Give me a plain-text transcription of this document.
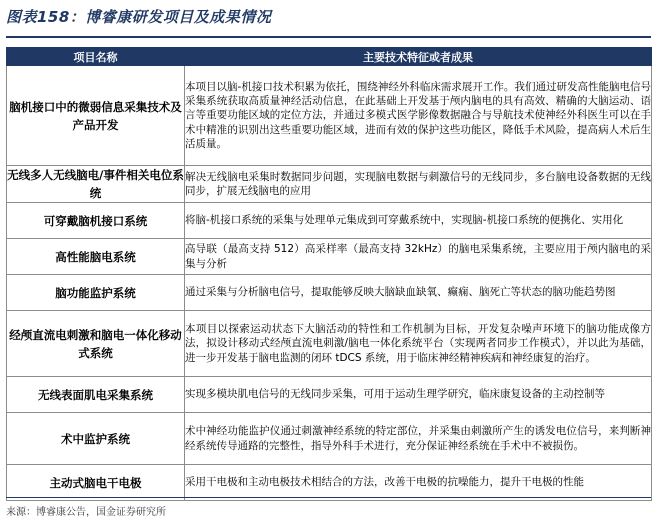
图表158：博睿康研发项目及成果情况
项目名称	主要技术特征或者成果
脑机接口中的微弱信息采集技术及产品开发	本项目以脑-机接口技术积累为依托，围绕神经外科临床需求展开工作。我们通过研发高性能脑电信号采集系统获取高质量神经活动信息，在此基础上开发基于颅内脑电的具有高效、精确的大脑运动、语言等重要功能区域的定位方法，并通过多模式医学影像数据融合与导航技术使神经外科医生可以在手术中精准的识别出这些重要功能区域，进而有效的保护这些功能区，降低手术风险，提高病人术后生活质量。
无线多人无线脑电/事件相关电位系统	解决无线脑电采集时数据同步问题，实现脑电数据与刺激信号的无线同步，多台脑电设备数据的无线同步，扩展无线脑电的应用
可穿戴脑机接口系统	将脑-机接口系统的采集与处理单元集成到可穿戴系统中，实现脑-机接口系统的便携化、实用化
高性能脑电系统	高导联（最高支持 512）高采样率（最高支持 32kHz）的脑电采集系统，主要应用于颅内脑电的采集与分析
脑功能监护系统	通过采集与分析脑电信号，提取能够反映大脑缺血缺氧、癫痫、脑死亡等状态的脑功能趋势图
经颅直流电刺激和脑电一体化移动式系统	本项目以探索运动状态下大脑活动的特性和工作机制为目标，开发复杂噪声环境下的脑功能成像方法，拟设计移动式经颅直流电刺激/脑电一体化系统平台（实现两者同步工作模式），并以此为基础，进一步开发基于脑电监测的闭环 tDCS 系统，用于临床神经精神疾病和神经康复的治疗。
无线表面肌电采集系统	实现多模块肌电信号的无线同步采集，可用于运动生理学研究，临床康复设备的主动控制等
术中监护系统	术中神经功能监护仪通过刺激神经系统的特定部位，并采集由刺激所产生的诱发电位信号，来判断神经系统传导通路的完整性，指导外科手术进行，充分保证神经系统在手术中不被损伤。
主动式脑电干电极	采用干电极和主动电极技术相结合的方法，改善干电极的抗噪能力，提升干电极的性能
来源：博睿康公告，国金证券研究所
